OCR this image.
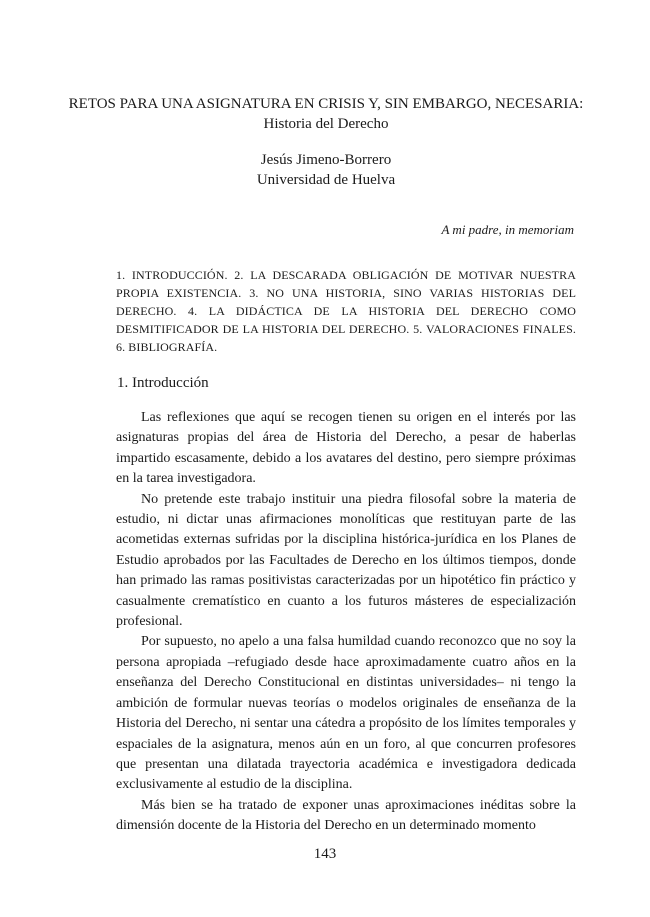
RETOS PARA UNA ASIGNATURA EN CRISIS Y, SIN EMBARGO, NECESARIA:
Historia del Derecho
Jesús Jimeno-Borrero
Universidad de Huelva
A mi padre, in memoriam
1. INTRODUCCIÓN. 2. LA DESCARADA OBLIGACIÓN DE MOTIVAR NUESTRA PROPIA EXISTENCIA. 3. NO UNA HISTORIA, SINO VARIAS HISTORIAS DEL DERECHO. 4. LA DIDÁCTICA DE LA HISTORIA DEL DERECHO COMO DESMITIFICADOR DE LA HISTORIA DEL DERECHO. 5. VALORACIONES FINALES. 6. BIBLIOGRAFÍA.
1. Introducción

Las reflexiones que aquí se recogen tienen su origen en el interés por las asignaturas propias del área de Historia del Derecho, a pesar de haberlas impartido escasamente, debido a los avatares del destino, pero siempre próximas en la tarea investigadora.

No pretende este trabajo instituir una piedra filosofal sobre la materia de estudio, ni dictar unas afirmaciones monolíticas que restituyan parte de las acometidas externas sufridas por la disciplina histórica-jurídica en los Planes de Estudio aprobados por las Facultades de Derecho en los últimos tiempos, donde han primado las ramas positivistas caracterizadas por un hipotético fin práctico y casualmente crematístico en cuanto a los futuros másteres de especialización profesional.

Por supuesto, no apelo a una falsa humildad cuando reconozco que no soy la persona apropiada –refugiado desde hace aproximadamente cuatro años en la enseñanza del Derecho Constitucional en distintas universidades– ni tengo la ambición de formular nuevas teorías o modelos originales de enseñanza de la Historia del Derecho, ni sentar una cátedra a propósito de los límites temporales y espaciales de la asignatura, menos aún en un foro, al que concurren profesores que presentan una dilatada trayectoria académica e investigadora dedicada exclusivamente al estudio de la disciplina.

Más bien se ha tratado de exponer unas aproximaciones inéditas sobre la dimensión docente de la Historia del Derecho en un determinado momento

143
